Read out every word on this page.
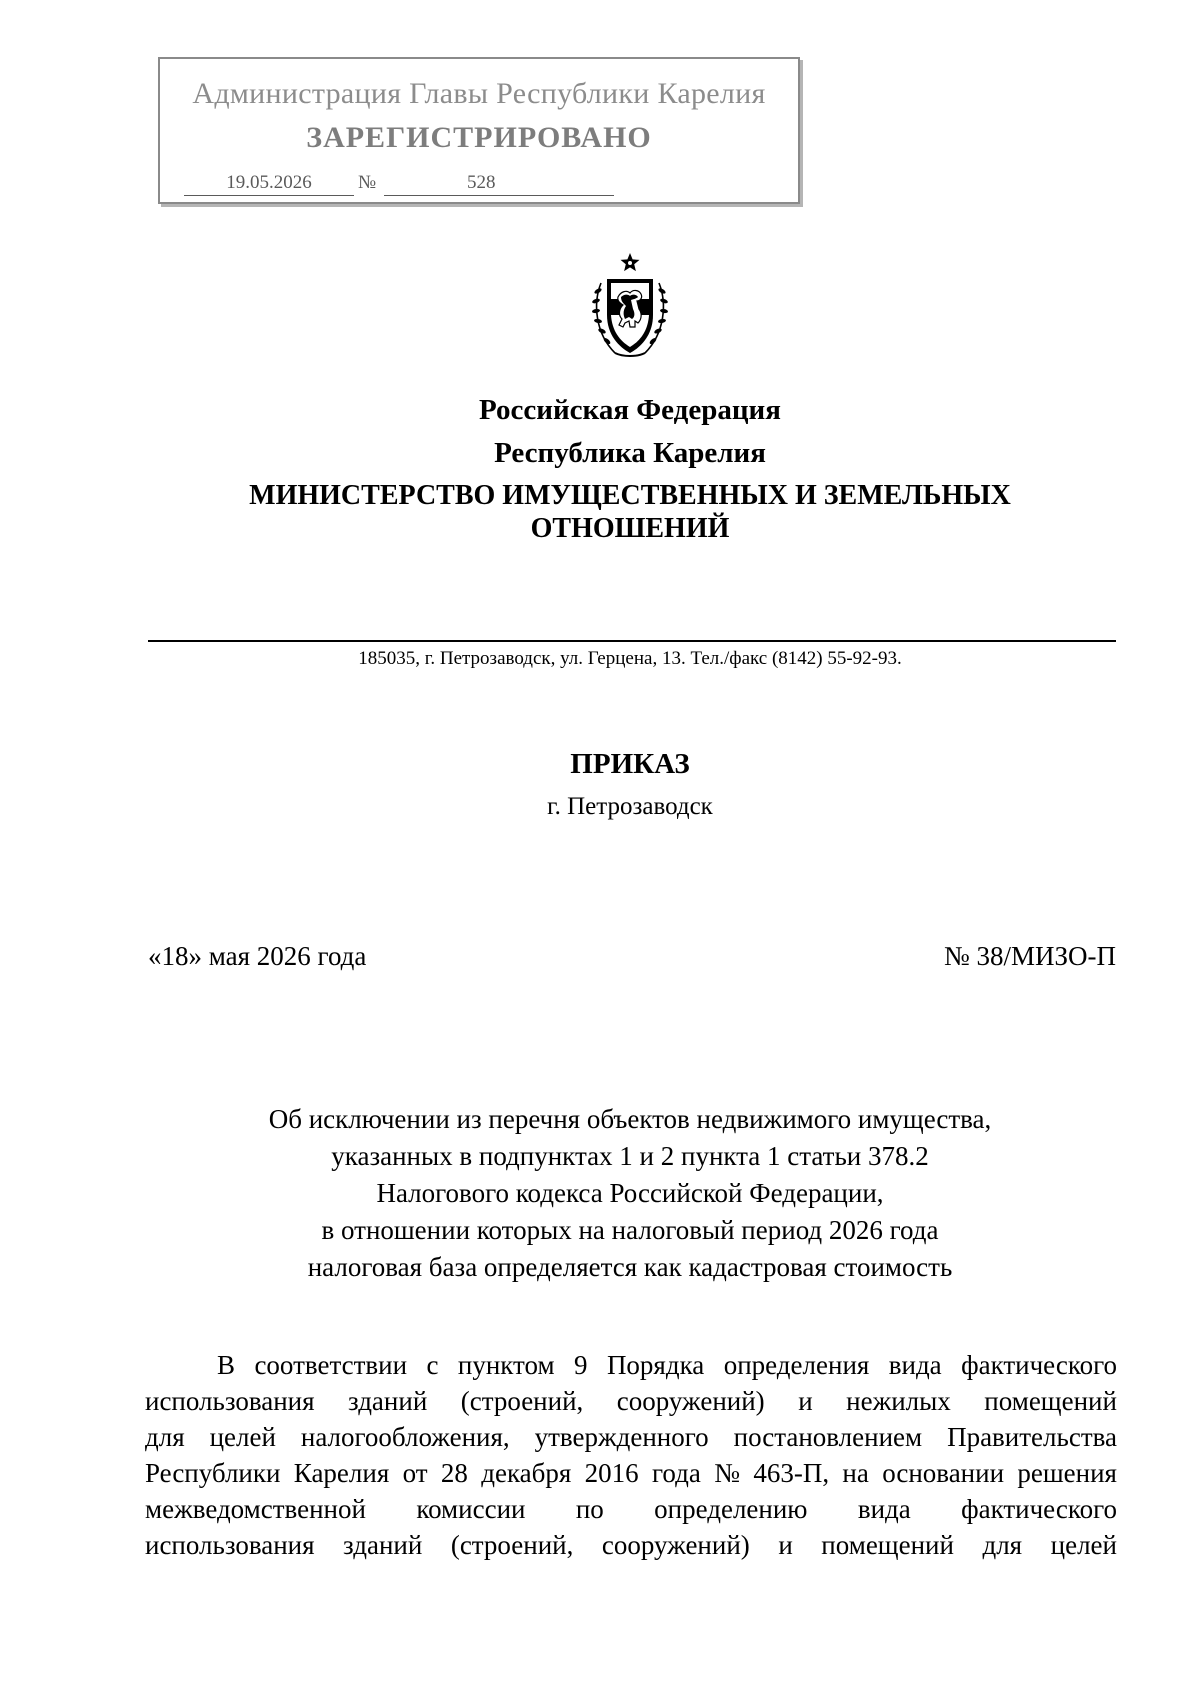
Администрация Главы Республики Карелия
ЗАРЕГИСТРИРОВАНО
19.05.2026	№	528
Российская Федерация
Республика Карелия
МИНИСТЕРСТВО ИМУЩЕСТВЕННЫХ И ЗЕМЕЛЬНЫХ
ОТНОШЕНИЙ
185035, г. Петрозаводск, ул. Герцена, 13. Тел./факс (8142) 55-92-93.
ПРИКАЗ
г. Петрозаводск
«18» мая 2026 года	№ 38/МИЗО-П
Об исключении из перечня объектов недвижимого имущества,
указанных в подпунктах 1 и 2 пункта 1 статьи 378.2
Налогового кодекса Российской Федерации,
в отношении которых на налоговый период 2026 года
налоговая база определяется как кадастровая стоимость
В соответствии с пунктом 9 Порядка определения вида фактического
использования зданий (строений, сооружений) и нежилых помещений
для целей налогообложения, утвержденного постановлением Правительства
Республики Карелия от 28 декабря 2016 года № 463-П, на основании решения
межведомственной комиссии по определению вида фактического
использования зданий (строений, сооружений) и помещений для целей
